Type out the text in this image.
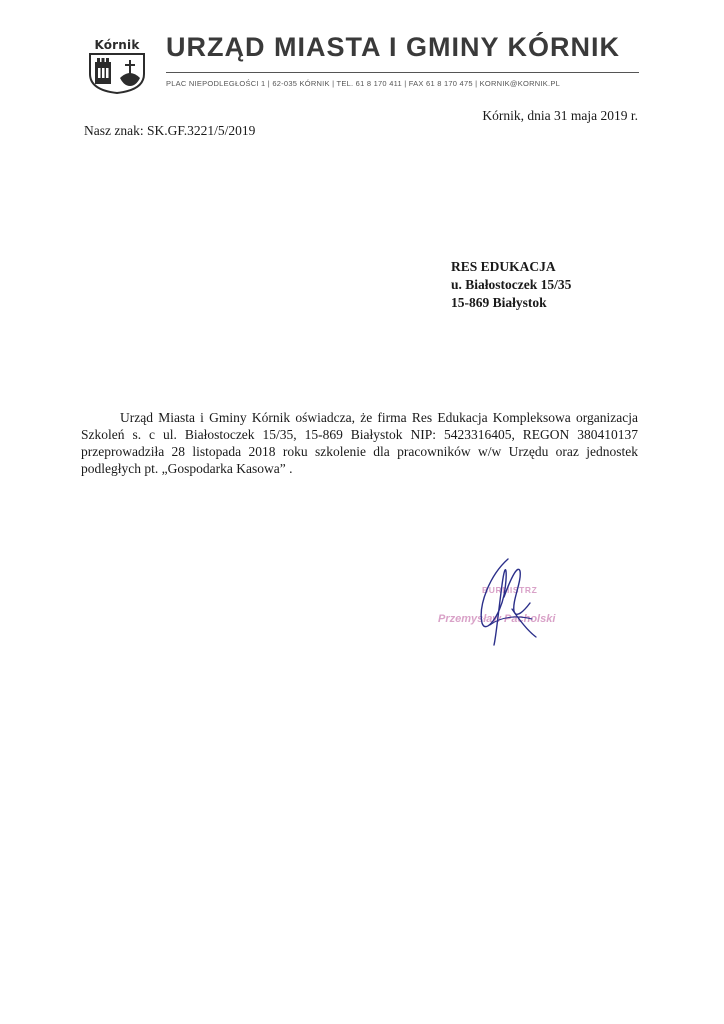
Kórnik URZĄD MIASTA I GMINY KÓRNIK
PLAC NIEPODLEGŁOŚCI 1 | 62-035 KÓRNIK | TEL. 61 8 170 411 | FAX 61 8 170 475 | KORNIK@KORNIK.PL
Kórnik, dnia 31 maja 2019 r.
Nasz znak: SK.GF.3221/5/2019
RES EDUKACJA
u. Białostoczek 15/35
15-869 Białystok
Urząd Miasta i Gminy Kórnik oświadcza, że firma Res Edukacja Kompleksowa organizacja Szkoleń s. c ul. Białostoczek 15/35, 15-869 Białystok NIP: 5423316405, REGON 380410137 przeprowadziła 28 listopada 2018 roku szkolenie dla pracowników w/w Urzędu oraz jednostek podległych pt. „Gospodarka Kasowa” .
BURMISTRZ
Przemysław Pacholski
